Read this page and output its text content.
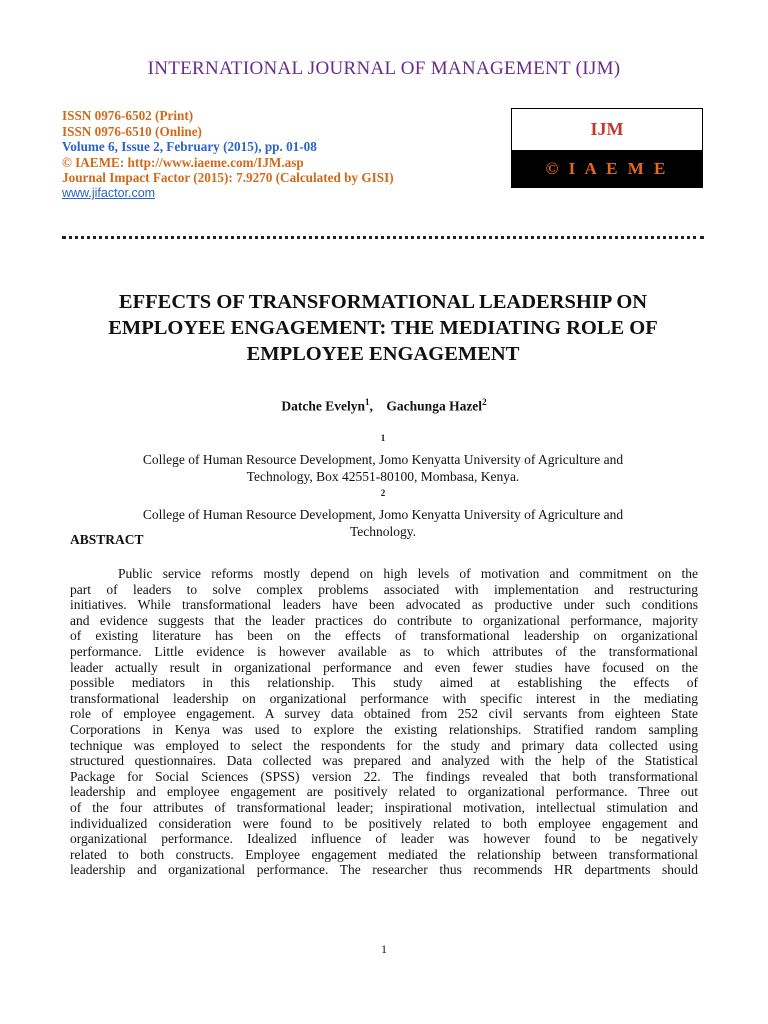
INTERNATIONAL JOURNAL OF MANAGEMENT (IJM)
ISSN 0976-6502 (Print)
ISSN 0976-6510 (Online)
Volume 6, Issue 2, February (2015), pp. 01-08
© IAEME: http://www.iaeme.com/IJM.asp
Journal Impact Factor (2015): 7.9270 (Calculated by GISI)
www.jifactor.com
IJM
© I A E M E
EFFECTS OF TRANSFORMATIONAL LEADERSHIP ON
EMPLOYEE ENGAGEMENT: THE MEDIATING ROLE OF
EMPLOYEE ENGAGEMENT
Datche Evelyn$^1$, Gachunga Hazel$^2$
$^1$
College of Human Resource Development, Jomo Kenyatta University of Agriculture and
Technology, Box 42551-80100, Mombasa, Kenya.
$^2$
College of Human Resource Development, Jomo Kenyatta University of Agriculture and
Technology.
ABSTRACT
Public service reforms mostly depend on high levels of motivation and commitment on the
part of leaders to solve complex problems associated with implementation and restructuring
initiatives. While transformational leaders have been advocated as productive under such conditions
and evidence suggests that the leader practices do contribute to organizational performance, majority
of existing literature has been on the effects of transformational leadership on organizational
performance. Little evidence is however available as to which attributes of the transformational
leader actually result in organizational performance and even fewer studies have focused on the
possible mediators in this relationship. This study aimed at establishing the effects of
transformational leadership on organizational performance with specific interest in the mediating
role of employee engagement. A survey data obtained from 252 civil servants from eighteen State
Corporations in Kenya was used to explore the existing relationships. Stratified random sampling
technique was employed to select the respondents for the study and primary data collected using
structured questionnaires. Data collected was prepared and analyzed with the help of the Statistical
Package for Social Sciences (SPSS) version 22. The findings revealed that both transformational
leadership and employee engagement are positively related to organizational performance. Three out
of the four attributes of transformational leader; inspirational motivation, intellectual stimulation and
individualized consideration were found to be positively related to both employee engagement and
organizational performance. Idealized influence of leader was however found to be negatively
related to both constructs. Employee engagement mediated the relationship between transformational
leadership and organizational performance. The researcher thus recommends HR departments should
1
